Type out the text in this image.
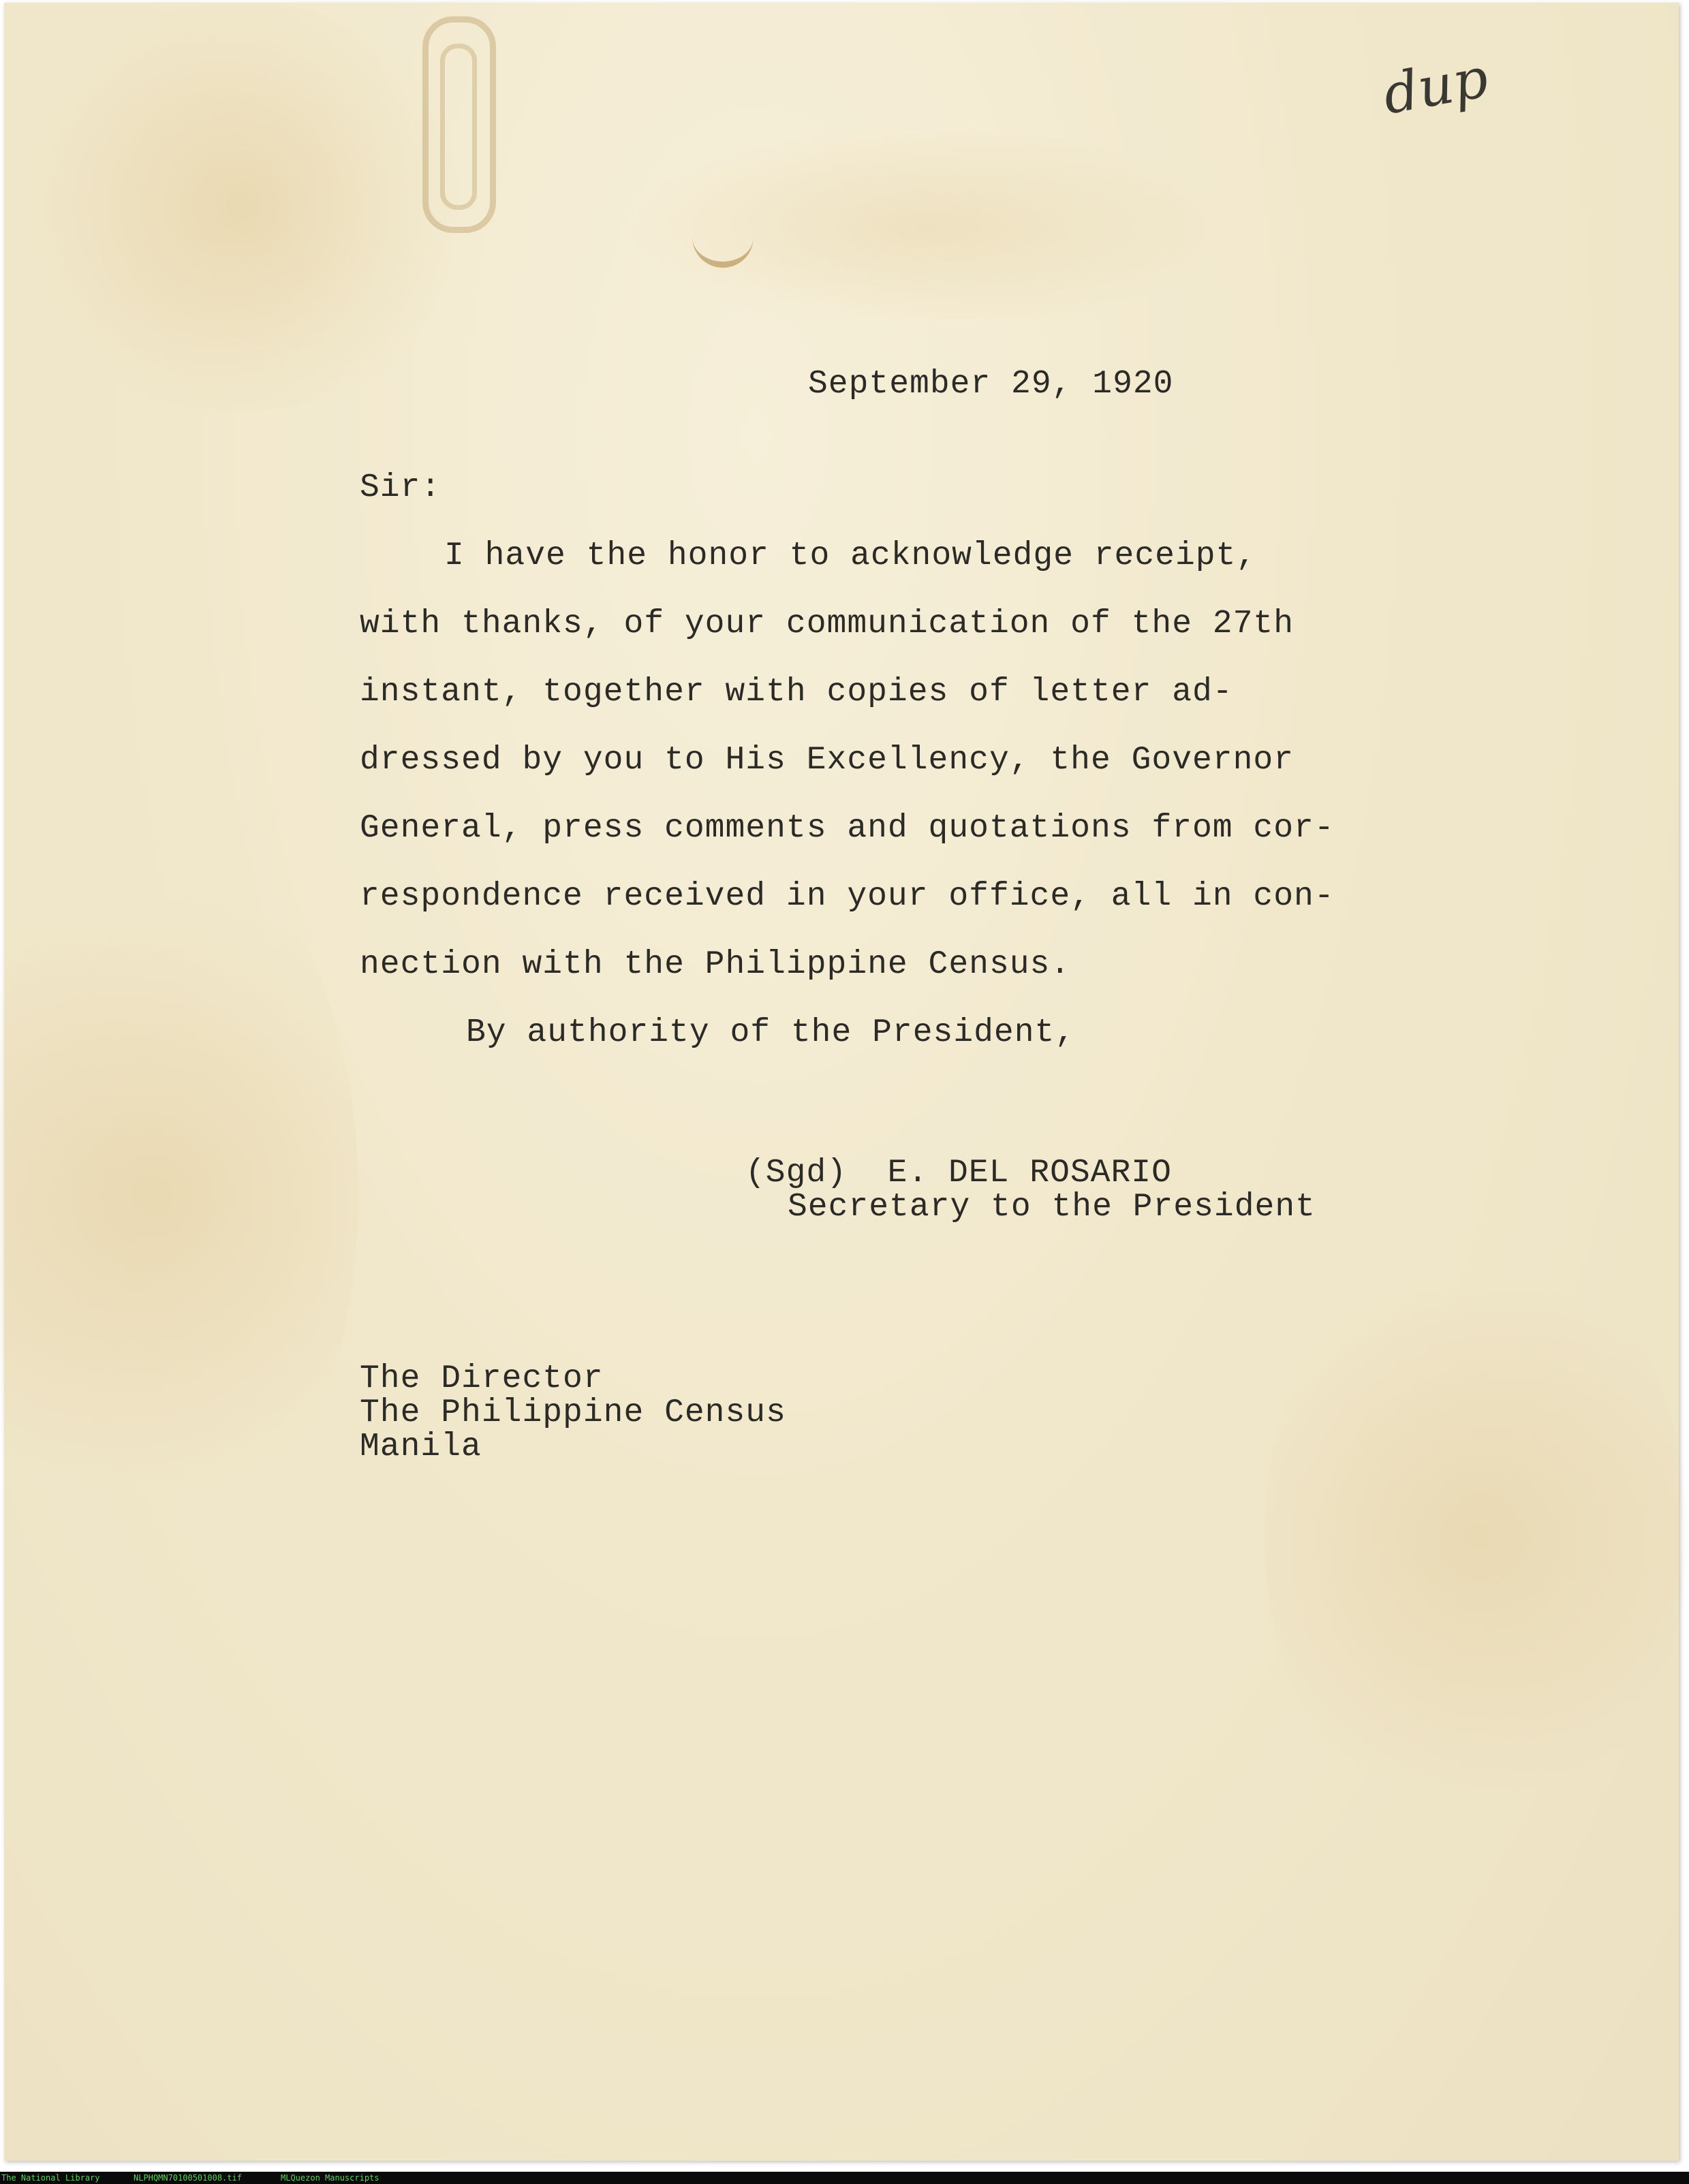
dup
September 29, 1920
Sir:
I have the honor to acknowledge receipt,
with thanks, of your communication of the 27th
instant, together with copies of letter ad-
dressed by you to His Excellency, the Governor
General, press comments and quotations from cor-
respondence received in your office, all in con-
nection with the Philippine Census.
By authority of the President,
(Sgd)  E. DEL ROSARIO
Secretary to the President
The Director
The Philippine Census
Manila
The National Library	NLPHQMN70100501008.tif	MLQuezon Manuscripts
